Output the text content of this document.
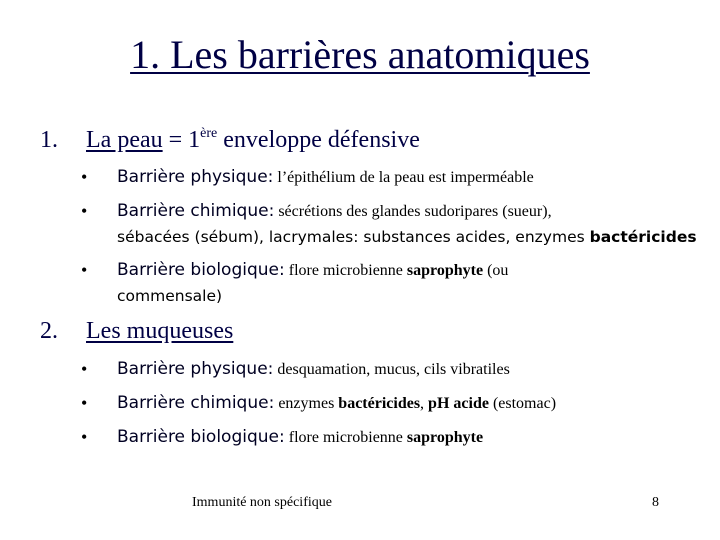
1. Les barrières anatomiques
1. La peau = 1ère enveloppe défensive
• Barrière physique: l’épithélium de la peau est imperméable
• Barrière chimique: sécrétions des glandes sudoripares (sueur),
sébacées (sébum), lacrymales: substances acides, enzymes bactéricides
• Barrière biologique: flore microbienne saprophyte (ou
commensale)
2. Les muqueuses
• Barrière physique: desquamation, mucus, cils vibratiles
• Barrière chimique: enzymes bactéricides, pH acide (estomac)
• Barrière biologique: flore microbienne saprophyte
Immunité non spécifique	8
